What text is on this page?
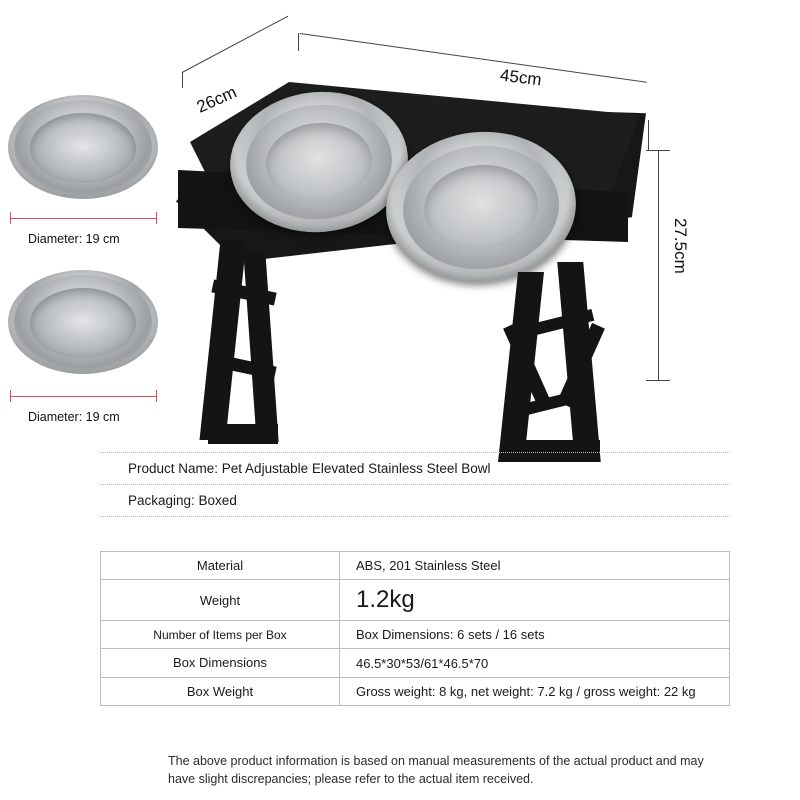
Diameter: 19 cm
Diameter: 19 cm
26cm
45cm
27.5cm
Product Name: Pet Adjustable Elevated Stainless Steel Bowl
Packaging: Boxed
Material	ABS, 201 Stainless Steel
Weight	1.2kg
Number of Items per Box	Box Dimensions: 6 sets / 16 sets
Box Dimensions	46.5*30*53/61*46.5*70
Box Weight	Gross weight: 8 kg, net weight: 7.2 kg / gross weight: 22 kg
The above product information is based on manual measurements of the actual product and may have slight discrepancies; please refer to the actual item received.
